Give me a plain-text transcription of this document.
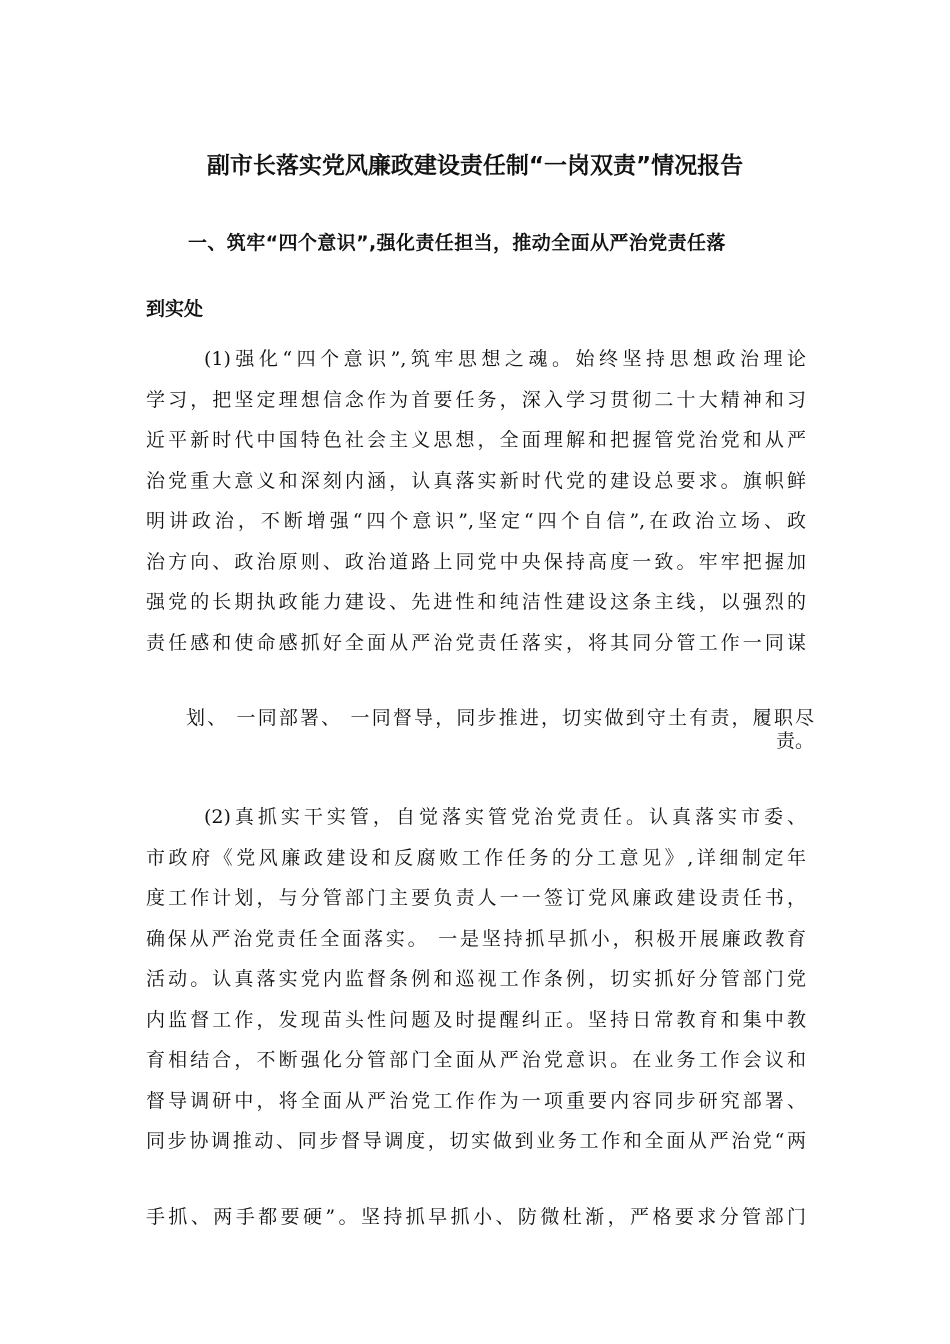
副市长落实党风廉政建设责任制“一岗双责”情况报告

一、筑牢“四个意识”,强化责任担当，推动全面从严治党责任落

到实处

(1)强化“四个意识”,筑牢思想之魂。始终坚持思想政治理论
学习，把坚定理想信念作为首要任务，深入学习贯彻二十大精神和习
近平新时代中国特色社会主义思想，全面理解和把握管党治党和从严
治党重大意义和深刻内涵，认真落实新时代党的建设总要求。旗帜鲜
明讲政治，不断增强“四个意识”,坚定“四个自信”,在政治立场、政
治方向、政治原则、政治道路上同党中央保持高度一致。牢牢把握加
强党的长期执政能力建设、先进性和纯洁性建设这条主线，以强烈的
责任感和使命感抓好全面从严治党责任落实，将其同分管工作一同谋
划、 一同部署、 一同督导，同步推进，切实做到守土有责，履职尽
责。
(2)真抓实干实管，自觉落实管党治党责任。认真落实市委、
市政府《党风廉政建设和反腐败工作任务的分工意见》,详细制定年
度工作计划，与分管部门主要负责人一一签订党风廉政建设责任书，
确保从严治党责任全面落实。 一是坚持抓早抓小，积极开展廉政教育
活动。认真落实党内监督条例和巡视工作条例，切实抓好分管部门党
内监督工作，发现苗头性问题及时提醒纠正。坚持日常教育和集中教
育相结合，不断强化分管部门全面从严治党意识。在业务工作会议和
督导调研中，将全面从严治党工作作为一项重要内容同步研究部署、
同步协调推动、同步督导调度，切实做到业务工作和全面从严治党“两

手抓、两手都要硬”。坚持抓早抓小、防微杜渐，严格要求分管部门
